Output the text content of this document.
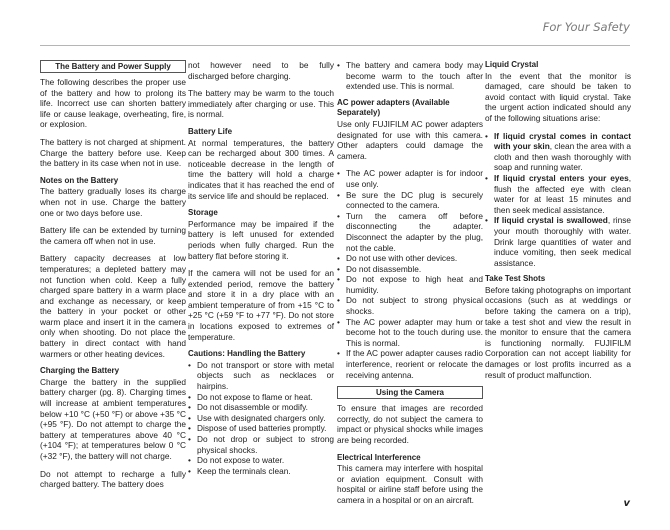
For Your Safety
The Battery and Power Supply

The following describes the proper use of the battery and how to prolong its life. Incorrect use can shorten battery life or cause leakage, overheating, fire, or explosion.

The battery is not charged at shipment. Charge the battery before use. Keep the battery in its case when not in use.

Notes on the Battery

The battery gradually loses its charge when not in use. Charge the battery one or two days before use.

Battery life can be extended by turning the camera off when not in use.

Battery capacity decreases at low temperatures; a depleted battery may not function when cold. Keep a fully charged spare battery in a warm place and exchange as necessary, or keep the battery in your pocket or other warm place and insert it in the camera only when shooting. Do not place the battery in direct contact with hand warmers or other heating devices.

Charging the Battery

Charge the battery in the supplied battery charger (pg. 8). Charging times will increase at ambient temperatures below +10 °C (+50 °F) or above +35 °C (+95 °F). Do not attempt to charge the battery at temperatures above 40 °C (+104 °F); at temperatures below 0 °C (+32 °F), the battery will not charge.

Do not attempt to recharge a fully charged battery. The battery does

not however need to be fully discharged before charging.

The battery may be warm to the touch immediately after charging or use. This is normal.

Battery Life

At normal temperatures, the battery can be recharged about 300 times. A noticeable decrease in the length of time the battery will hold a charge indicates that it has reached the end of its service life and should be replaced.

Storage

Performance may be impaired if the battery is left unused for extended periods when fully charged. Run the battery flat before storing it.

If the camera will not be used for an extended period, remove the battery and store it in a dry place with an ambient temperature of from +15 °C to +25 °C (+59 °F to +77 °F). Do not store in locations exposed to extremes of temperature.

Cautions: Handling the Battery
• Do not transport or store with metal objects such as necklaces or hairpins.
• Do not expose to flame or heat.
• Do not disassemble or modify.
• Use with designated chargers only.
• Dispose of used batteries promptly.
• Do not drop or subject to strong physical shocks.
• Do not expose to water.
• Keep the terminals clean.
• The battery and camera body may become warm to the touch after extended use. This is normal.
AC power adapters (Available Separately)

Use only FUJIFILM AC power adapters designated for use with this camera. Other adapters could damage the camera.

• The AC power adapter is for indoor use only.
• Be sure the DC plug is securely connected to the camera.
• Turn the camera off before disconnecting the adapter. Disconnect the adapter by the plug, not the cable.
• Do not use with other devices.
• Do not disassemble.
• Do not expose to high heat and humidity.
• Do not subject to strong physical shocks.
• The AC power adapter may hum or become hot to the touch during use. This is normal.
• If the AC power adapter causes radio interference, reorient or relocate the receiving antenna.
Using the Camera

To ensure that images are recorded correctly, do not subject the camera to impact or physical shocks while images are being recorded.

Electrical Interference

This camera may interfere with hospital or aviation equipment. Consult with hospital or airline staff before using the camera in a hospital or on an aircraft.

Liquid Crystal

In the event that the monitor is damaged, care should be taken to avoid contact with liquid crystal. Take the urgent action indicated should any of the following situations arise:

• If liquid crystal comes in contact with your skin, clean the area with a cloth and then wash thoroughly with soap and running water.
• If liquid crystal enters your eyes, flush the affected eye with clean water for at least 15 minutes and then seek medical assistance.
• If liquid crystal is swallowed, rinse your mouth thoroughly with water. Drink large quantities of water and induce vomiting, then seek medical assistance.
Take Test Shots

Before taking photographs on important occasions (such as at weddings or before taking the camera on a trip), take a test shot and view the result in the monitor to ensure that the camera is functioning normally. FUJIFILM Corporation can not accept liability for damages or lost profits incurred as a result of product malfunction.

v
